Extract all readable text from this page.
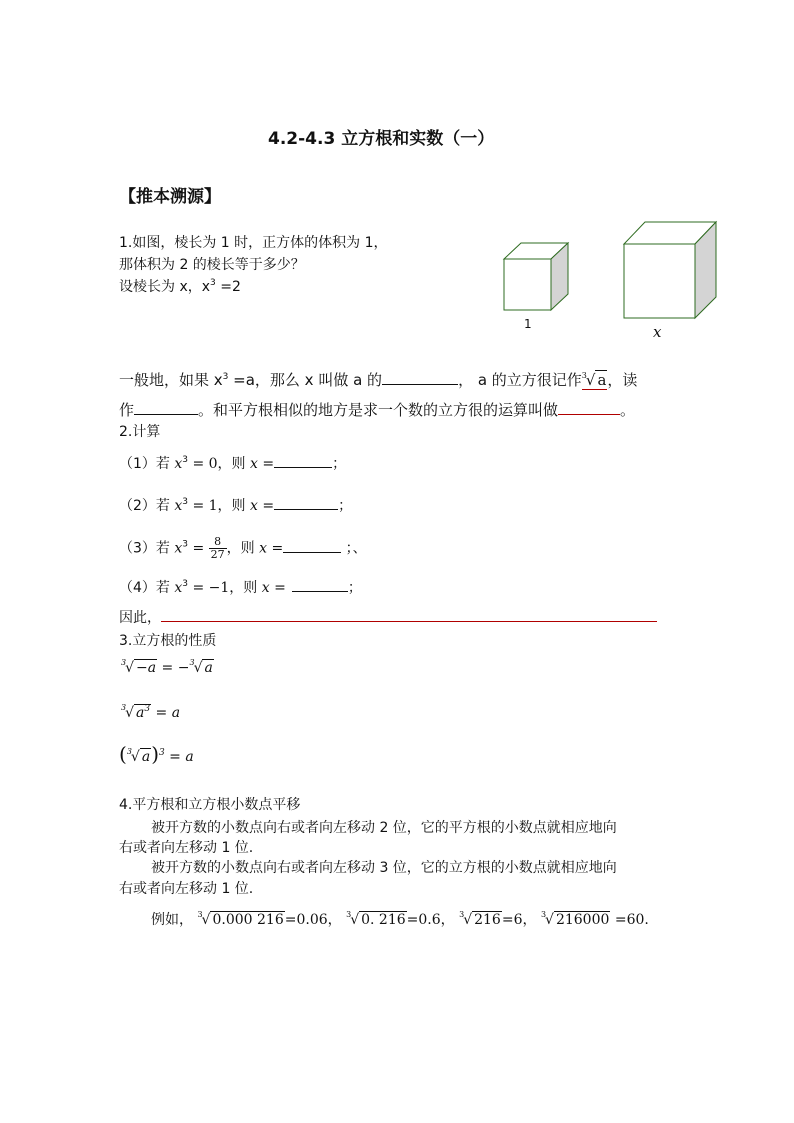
4.2-4.3 立方根和实数（一）
【推本溯源】
1.如图，棱长为 1 时，正方体的体积为 1，
那体积为 2 的棱长等于多少？
设棱长为 x，$x^3 =2$
1	x
一般地，如果 $x^3 =a$，那么 x 叫做 a 的	， a 的立方很记作$^3$√ a，读
作	。和平方根相似的地方是求一个数的立方很的运算叫做	。
2.计算
（1）若 $x^3 = 0$，则 x =	；
（2）若 $x^3 = 1$，则 x =	；
（3）若 $x^3 = \frac{8}{27}$ ，则 x =	；、
（4）若 $x^3 = -1$，则 x =	；
因此，
3.立方根的性质
$^3$√ −a = −$^3$√ a
$^3$√ $a^3 = a$
($^3$√ a)$^3$ = a
4.平方根和立方根小数点平移
被开方数的小数点向右或者向左移动 2 位，它的平方根的小数点就相应地向
右或者向左移动 1 位.
被开方数的小数点向右或者向左移动 3 位，它的立方根的小数点就相应地向
右或者向左移动 1 位.
例如， $^3$√ 0.000 216=0.06， $^3$√ 0. 216=0.6， $^3$√ 216=6， $^3$√ 216000 =60.
